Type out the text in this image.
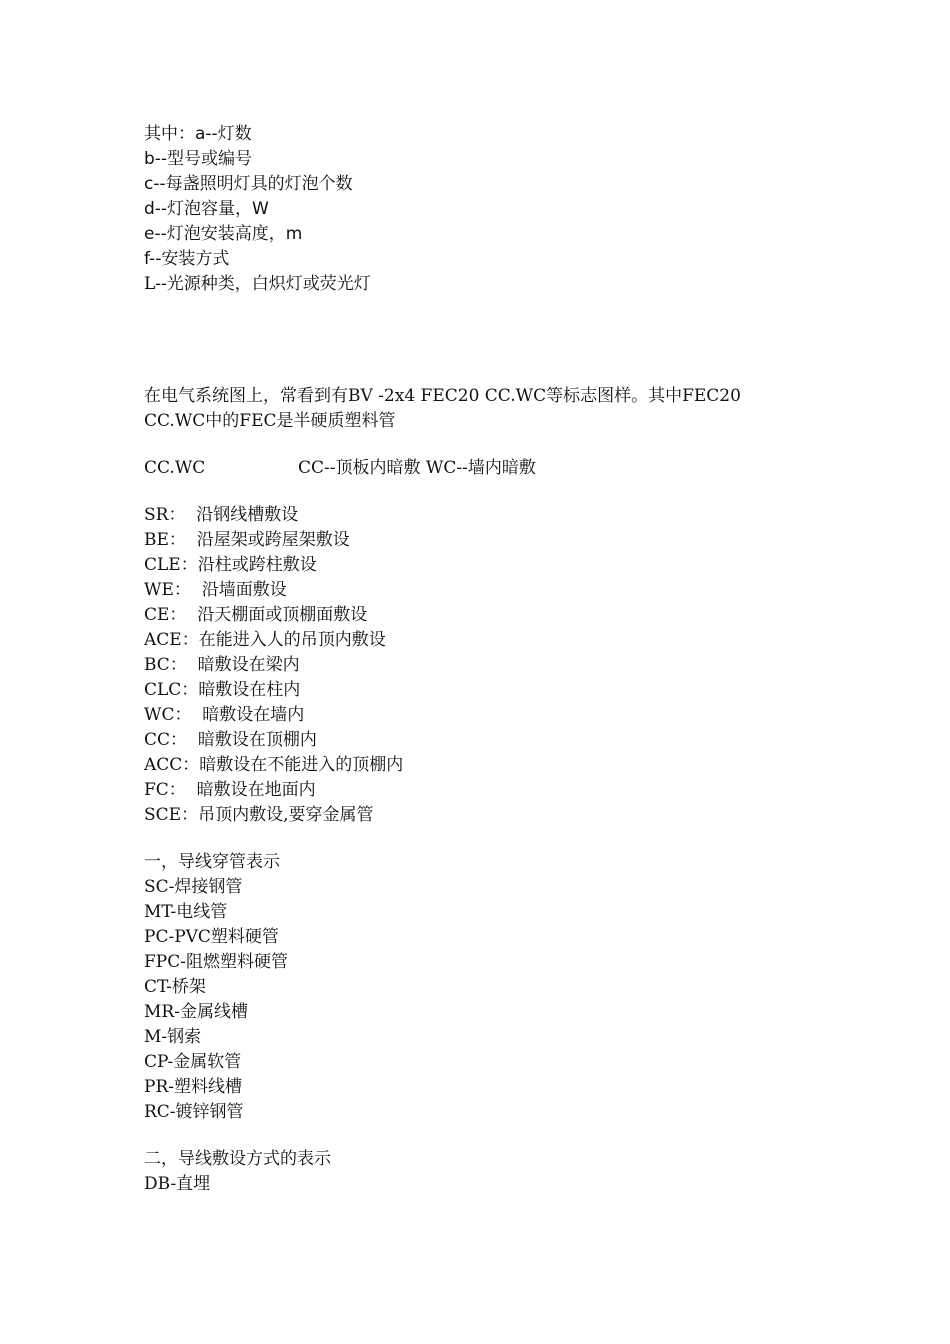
其中：a--灯数
b--型号或编号
c--每盏照明灯具的灯泡个数
d--灯泡容量，W
e--灯泡安装高度，m
f--安装方式
L--光源种类，白炽灯或荧光灯

在电气系统图上，常看到有BV -2x4 FEC20 CC.WC等标志图样。其中FEC20 CC.WC中的FEC是半硬质塑料管

CC.WC	CC--顶板内暗敷 WC--墙内暗敷
SR： 沿钢线槽敷设
BE： 沿屋架或跨屋架敷设
CLE： 沿柱或跨柱敷设
WE： 沿墙面敷设
CE： 沿天棚面或顶棚面敷设
ACE： 在能进入人的吊顶内敷设
BC： 暗敷设在梁内
CLC： 暗敷设在柱内
WC： 暗敷设在墙内
CC： 暗敷设在顶棚内
ACC： 暗敷设在不能进入的顶棚内
FC： 暗敷设在地面内
SCE： 吊顶内敷设,要穿金属管
一，导线穿管表示
SC-焊接钢管
MT-电线管
PC-PVC塑料硬管
FPC-阻燃塑料硬管
CT-桥架
MR-金属线槽
M-钢索
CP-金属软管
PR-塑料线槽
RC-镀锌钢管
二，导线敷设方式的表示
DB-直埋
